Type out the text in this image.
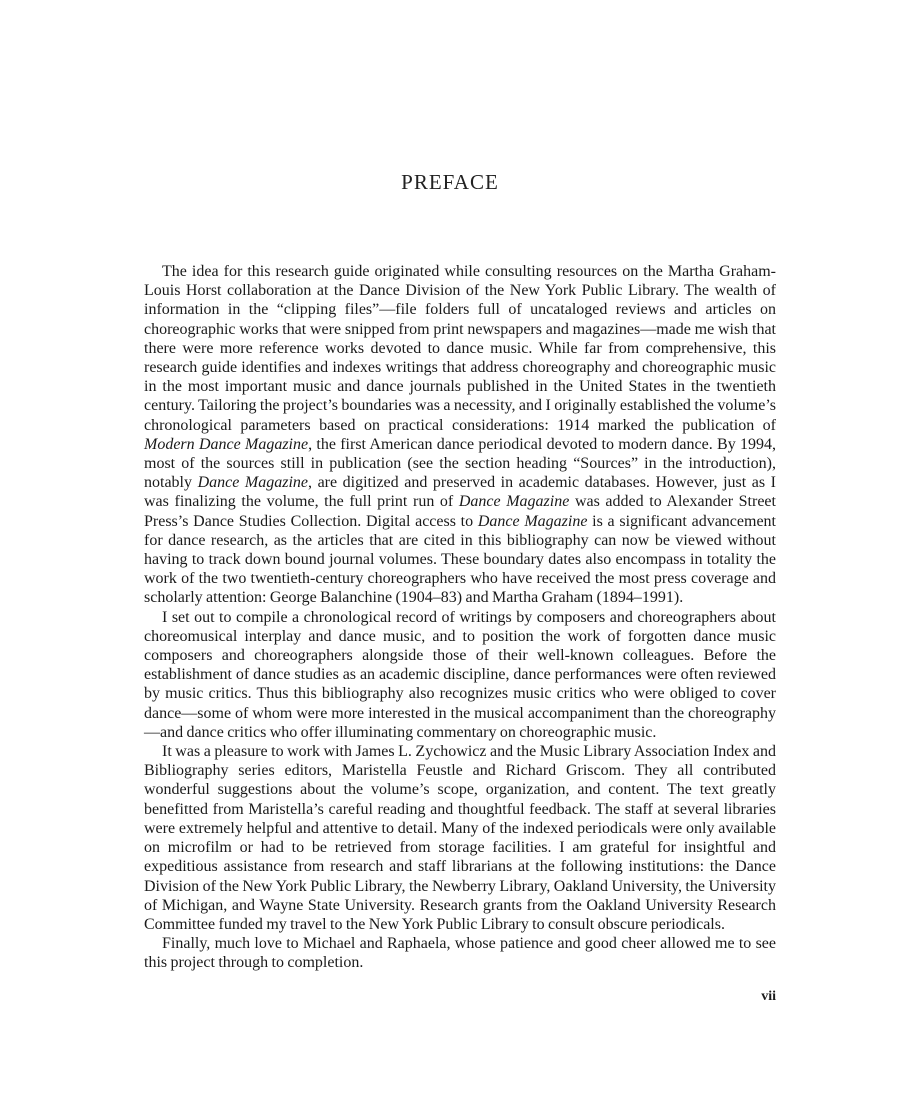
PREFACE

The idea for this research guide originated while consulting resources on the Martha Graham-Louis Horst collaboration at the Dance Division of the New York Public Library. The wealth of information in the “clipping files”—file folders full of uncataloged reviews and articles on choreographic works that were snipped from print newspapers and magazines—made me wish that there were more reference works devoted to dance music. While far from comprehensive, this research guide identifies and indexes writings that address choreography and choreographic music in the most important music and dance journals published in the United States in the twentieth century. Tailoring the project’s boundaries was a necessity, and I originally established the volume’s chronological parameters based on practical considerations: 1914 marked the publication of Modern Dance Magazine, the first American dance periodical devoted to modern dance. By 1994, most of the sources still in publication (see the section heading “Sources” in the introduction), notably Dance Magazine, are digitized and preserved in academic databases. However, just as I was finalizing the volume, the full print run of Dance Magazine was added to Alexander Street Press’s Dance Studies Collection. Digital access to Dance Magazine is a significant advancement for dance research, as the articles that are cited in this bibliography can now be viewed without having to track down bound journal volumes. These boundary dates also encompass in totality the work of the two twentieth-century choreographers who have received the most press coverage and scholarly attention: George Balanchine (1904–83) and Martha Graham (1894–1991).

I set out to compile a chronological record of writings by composers and choreographers about choreomusical interplay and dance music, and to position the work of forgotten dance music composers and choreographers alongside those of their well-known colleagues. Before the establishment of dance studies as an academic discipline, dance performances were often reviewed by music critics. Thus this bibliography also recognizes music critics who were obliged to cover dance—some of whom were more interested in the musical accompaniment than the choreography—and dance critics who offer illuminating commentary on choreographic music.

It was a pleasure to work with James L. Zychowicz and the Music Library Association Index and Bibliography series editors, Maristella Feustle and Richard Griscom. They all contributed wonderful suggestions about the volume’s scope, organization, and content. The text greatly benefitted from Maristella’s careful reading and thoughtful feedback. The staff at several libraries were extremely helpful and attentive to detail. Many of the indexed periodicals were only available on microfilm or had to be retrieved from storage facilities. I am grateful for insightful and expeditious assistance from research and staff librarians at the following institutions: the Dance Division of the New York Public Library, the Newberry Library, Oakland University, the University of Michigan, and Wayne State University. Research grants from the Oakland University Research Committee funded my travel to the New York Public Library to consult obscure periodicals.

Finally, much love to Michael and Raphaela, whose patience and good cheer allowed me to see this project through to completion.

vii
